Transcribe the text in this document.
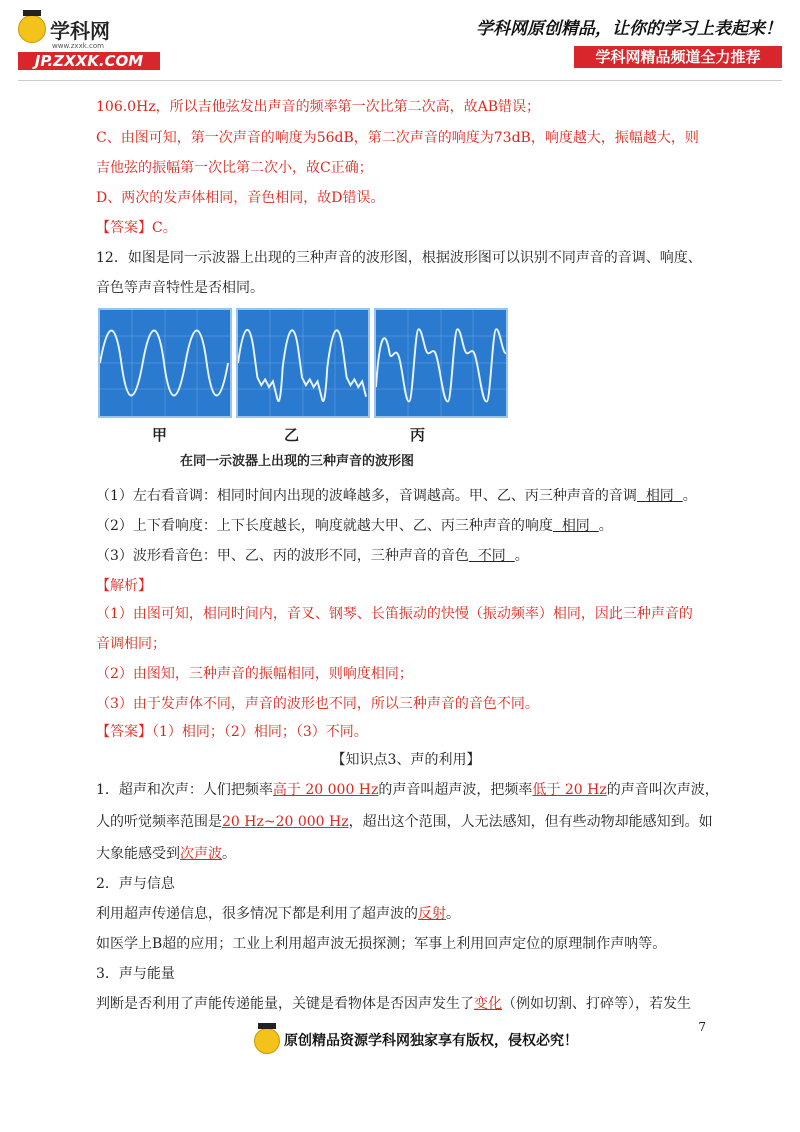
学科网
www.zxxk.com
JP.ZXXK.COM
学科网原创精品，让你的学习上表起来！
学科网精品频道全力推荐
106.0Hz，所以吉他弦发出声音的频率第一次比第二次高，故AB错误；
C、由图可知，第一次声音的响度为56dB，第二次声音的响度为73dB，响度越大，振幅越大，则
吉他弦的振幅第一次比第二次小，故C正确；
D、两次的发声体相同，音色相同，故D错误。
【答案】C。
12．如图是同一示波器上出现的三种声音的波形图，根据波形图可以识别不同声音的音调、响度、
音色等声音特性是否相同。
甲	乙	丙
在同一示波器上出现的三种声音的波形图
（1）左右看音调：相同时间内出现的波峰越多，音调越高。甲、乙、丙三种声音的音调 相同 。
（2）上下看响度：上下长度越长，响度就越大甲、乙、丙三种声音的响度 相同 。
（3）波形看音色：甲、乙、丙的波形不同，三种声音的音色 不同 。
【解析】
（1）由图可知，相同时间内，音叉、钢琴、长笛振动的快慢（振动频率）相同，因此三种声音的
音调相同；
（2）由图知，三种声音的振幅相同，则响度相同；
（3）由于发声体不同，声音的波形也不同，所以三种声音的音色不同。
【答案】（1）相同；（2）相同；（3）不同。
【知识点3、声的利用】
1．超声和次声：人们把频率高于 20 000 Hz的声音叫超声波，把频率低于 20 Hz的声音叫次声波，
人的听觉频率范围是20 Hz~20 000 Hz，超出这个范围，人无法感知，但有些动物却能感知到。如
大象能感受到次声波。
2．声与信息
利用超声传递信息，很多情况下都是利用了超声波的反射。
如医学上B超的应用；工业上利用超声波无损探测；军事上利用回声定位的原理制作声呐等。
3．声与能量
判断是否利用了声能传递能量，关键是看物体是否因声发生了变化（例如切割、打碎等），若发生
7
原创精品资源学科网独家享有版权，侵权必究！
